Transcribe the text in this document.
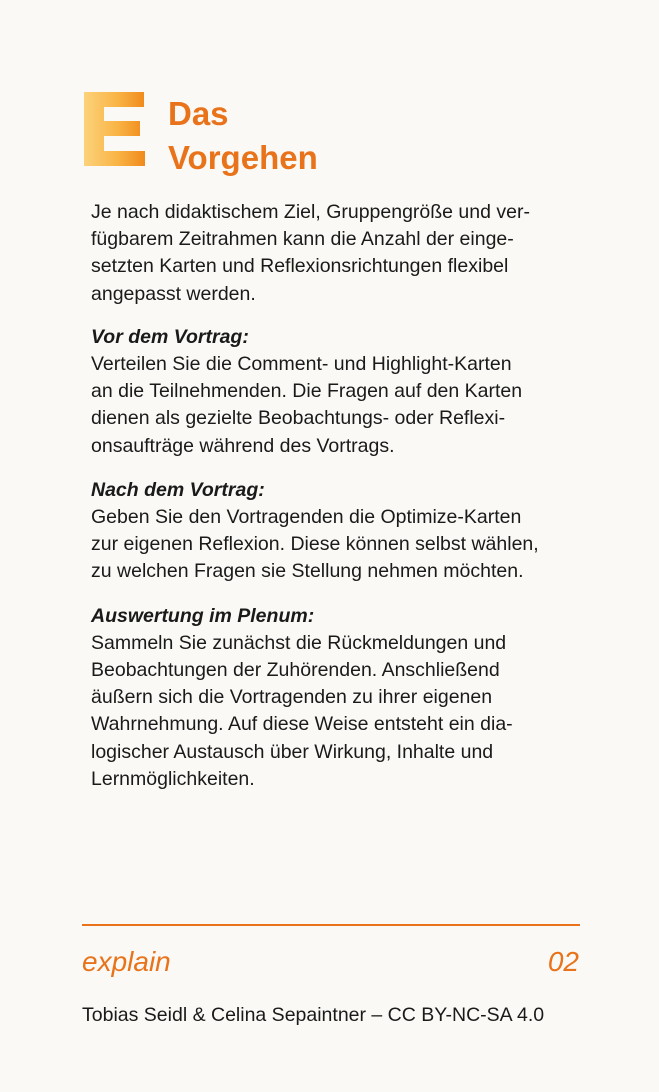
Das
Vorgehen
Je nach didaktischem Ziel, Gruppengröße und ver-
fügbarem Zeitrahmen kann die Anzahl der einge-
setzten Karten und Reflexionsrichtungen flexibel
angepasst werden.
Vor dem Vortrag:
Verteilen Sie die Comment- und Highlight-Karten
an die Teilnehmenden. Die Fragen auf den Karten
dienen als gezielte Beobachtungs- oder Reflexi-
onsaufträge während des Vortrags.
Nach dem Vortrag:
Geben Sie den Vortragenden die Optimize-Karten
zur eigenen Reflexion. Diese können selbst wählen,
zu welchen Fragen sie Stellung nehmen möchten.
Auswertung im Plenum:
Sammeln Sie zunächst die Rückmeldungen und
Beobachtungen der Zuhörenden. Anschließend
äußern sich die Vortragenden zu ihrer eigenen
Wahrnehmung. Auf diese Weise entsteht ein dia-
logischer Austausch über Wirkung, Inhalte und
Lernmöglichkeiten.
explain	02
Tobias Seidl & Celina Sepaintner – CC BY-NC-SA 4.0
